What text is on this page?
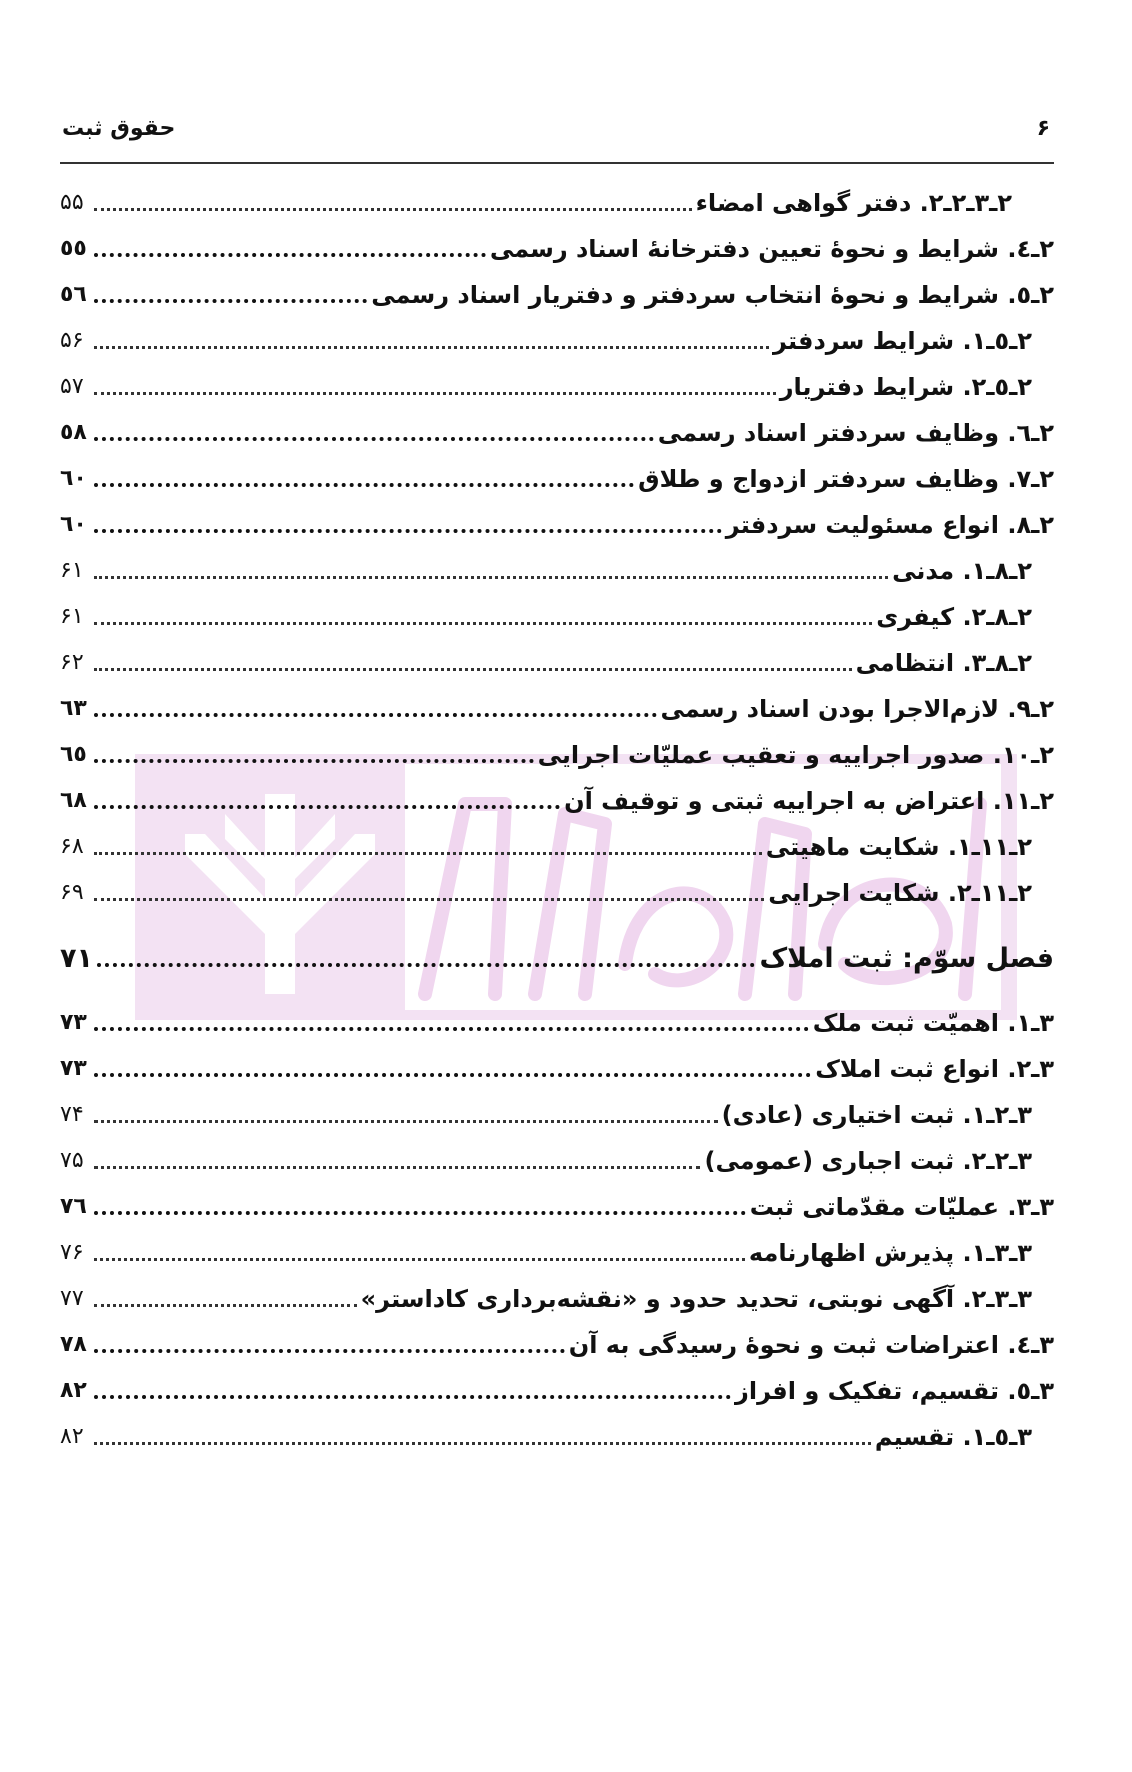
حقوق ثبت	۶
۲ـ۳ـ۲ـ۲. دفتر گواهی امضاء
۵۵
۲ـ٤. شرایط و نحوهٔ تعیین دفترخانهٔ اسناد رسمی
٥٥
۲ـ٥. شرایط و نحوهٔ انتخاب سردفتر و دفتریار اسناد رسمی
٥٦
۲ـ٥ـ۱. شرایط سردفتر
۵۶
۲ـ٥ـ۲. شرایط دفتریار
۵۷
۲ـ٦. وظایف سردفتر اسناد رسمی
٥٨
۲ـ۷. وظایف سردفتر ازدواج و طلاق
٦٠
۲ـ٨. انواع مسئولیت سردفتر
٦٠
۲ـ٨ـ۱. مدنی
۶۱
۲ـ٨ـ۲. کیفری
۶۱
۲ـ٨ـ۳. انتظامی
۶۲
۲ـ۹. لازم‌الاجرا بودن اسناد رسمی
٦٣
۲ـ۱۰. صدور اجراییه و تعقیب عملیّات اجرایی
٦٥
۲ـ۱۱. اعتراض به اجراییه ثبتی و توقیف آن
٦٨
۲ـ۱۱ـ۱. شکایت ماهیتی
۶۸
۲ـ۱۱ـ۲. شکایت اجرایی
۶۹
فصل سوّم: ثبت املاک
۷۱
۳ـ۱. اهمیّت ثبت ملک
۷۳
۳ـ۲. انواع ثبت املاک
۷۳
۳ـ۲ـ۱. ثبت اختیاری (عادی)
۷۴
۳ـ۲ـ۲. ثبت اجباری (عمومی)
۷۵
۳ـ۳. عملیّات مقدّماتی ثبت
۷٦
۳ـ۳ـ۱. پذیرش اظهارنامه
۷۶
۳ـ۳ـ۲. آگهی نوبتی، تحدید حدود و «نقشه‌برداری کاداستر»
۷۷
۳ـ٤. اعتراضات ثبت و نحوهٔ رسیدگی به آن
۷٨
۳ـ٥. تقسیم، تفکیک و افراز
٨۲
۳ـ٥ـ۱. تقسیم
۸۲
